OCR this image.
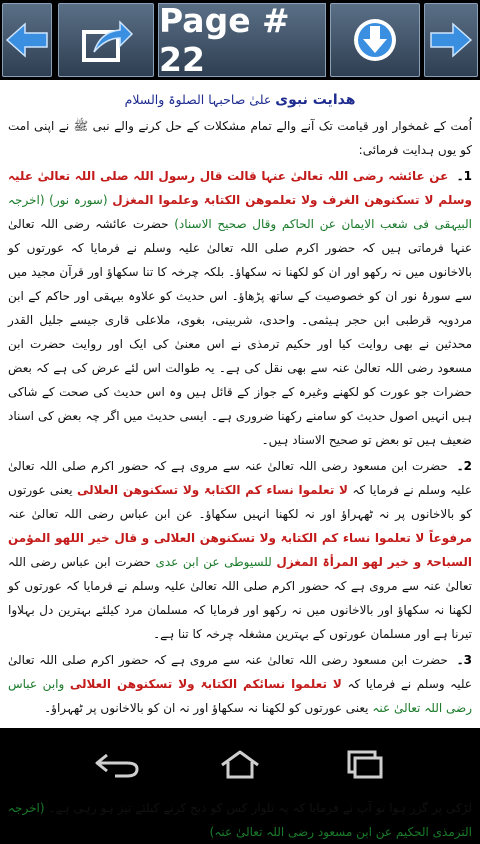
Page # 22
ھدایت نبوی علیٰ صاحبہا الصلوۃ والسلام

اُمت کے غمخوار اور قیامت تک آنے والے تمام مشکلات کے حل کرنے والے نبی ﷺ نے اپنی امت کو یوں ہدایت فرمائی:

1۔ عن عائشہ رضی اللہ تعالیٰ عنہا قالت قال رسول اللہ صلی اللہ تعالیٰ علیہ وسلم لا تسکنوھن الغرف ولا تعلموھن الکتابۃ وعلموا المغزل (سورہ نور) (اخرجہ البیہقی فی شعب الایمان عن الحاکم وقال صحیح الاسناد) حضرت عائشہ رضی اللہ تعالیٰ عنہا فرماتی ہیں کہ حضور اکرم صلی اللہ تعالیٰ علیہ وسلم نے فرمایا کہ عورتوں کو بالاخانوں میں نہ رکھو اور ان کو لکھنا نہ سکھاؤ۔ بلکہ چرخہ کا تنا سکھاؤ اور قرآن مجید میں سے سورۂ نور ان کو خصوصیت کے ساتھ پڑھاؤ۔ اس حدیث کو علاوہ بیہقی اور حاکم کے ابن مردویہ قرطبی ابن حجر ہیثمی۔ واحدی، شربینی، بغوی، ملاعلی قاری جیسے جلیل القدر محدثین نے بھی روایت کیا اور حکیم ترمذی نے اس معنیٰ کی ایک اور روایت حضرت ابن مسعود رضی اللہ تعالیٰ عنہ سے بھی نقل کی ہے۔ یہ طوالت اس لئے عرض کی ہے کہ بعض حضرات جو عورت کو لکھنے وغیرہ کے جواز کے قائل ہیں وہ اس حدیث کی صحت کے شاکی ہیں انہیں اصول حدیث کو سامنے رکھنا ضروری ہے۔ ایسی حدیث میں اگر چہ بعض کی اسناد ضعیف ہیں تو بعض تو صحیح الاسناد ہیں۔

2۔ حضرت ابن مسعود رضی اللہ تعالیٰ عنہ سے مروی ہے کہ حضور اکرم صلی اللہ تعالیٰ علیہ وسلم نے فرمایا کہ لا تعلموا نساء کم الکتابۃ ولا تسکنوھن العلالی یعنی عورتوں کو بالاخانوں پر نہ ٹھہراؤ اور نہ لکھنا انہیں سکھاؤ۔ عن ابن عباس رضی اللہ تعالیٰ عنہ مرفوعاً لا تعلموا نساء کم الکتابۃ ولا تسکنوھن العلالی و قال خیر اللھو المؤمن السباحۃ و خیر لھو المرأۃ المغزل للسیوطی عن ابن عدی حضرت ابن عباس رضی اللہ تعالیٰ عنہ سے مروی ہے کہ حضور اکرم صلی اللہ تعالیٰ علیہ وسلم نے فرمایا کہ عورتوں کو لکھنا نہ سکھاؤ اور بالاخانوں میں نہ رکھو اور فرمایا کہ مسلمان مرد کیلئے بہترین دل بہلاوا تیرنا ہے اور مسلمان عورتوں کے بہترین مشغلہ چرخہ کا تنا ہے۔

3۔ حضرت ابن مسعود رضی اللہ تعالیٰ عنہ سے مروی ہے کہ حضور اکرم صلی اللہ تعالیٰ علیہ وسلم نے فرمایا کہ لا تعلموا نسائکم الکتابۃ ولا تسکنوھن العلالی وابن عباس رضی اللہ تعالیٰ عنہ یعنی عورتوں کو لکھنا نہ سکھاؤ اور نہ ان کو بالاخانوں پر ٹھہراؤ۔

لڑکی پر گزر ہوا تو آپ نے فرمایا کہ یہ تلوار کس کو ذبح کرنے کیلئے تیز ہو رہی ہے۔ (اخرجہ الترمذی الحکیم عن ابن مسعود رضی اللہ تعالیٰ عنہ)
